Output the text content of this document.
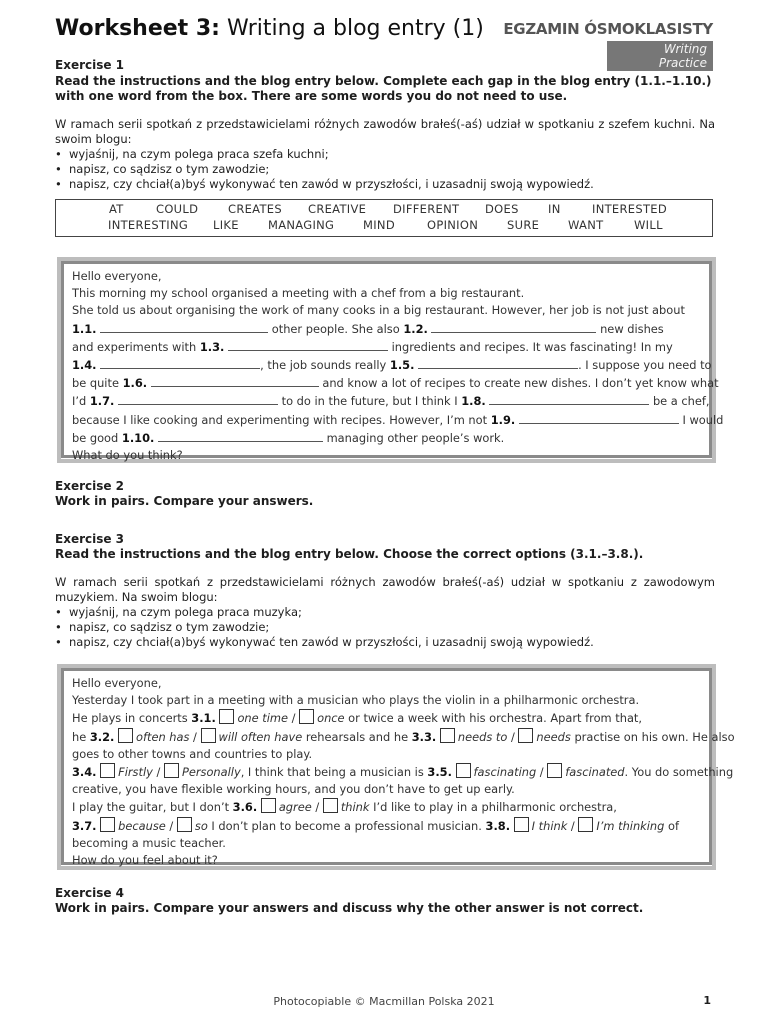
Worksheet 3: Writing a blog entry (1) EGZAMIN ÓSMOKLASISTY
Writing Practice
Exercise 1
Read the instructions and the blog entry below. Complete each gap in the blog entry (1.1.–1.10.) with one word from the box. There are some words you do not need to use.
W ramach serii spotkań z przedstawicielami różnych zawodów brałeś(-aś) udział w spotkaniu z szefem kuchni. Na swoim blogu:
• wyjaśnij, na czym polega praca szefa kuchni;
• napisz, co sądzisz o tym zawodzie;
• napisz, czy chciał(a)byś wykonywać ten zawód w przyszłości, i uzasadnij swoją wypowiedź.
AT	COULD	CREATES CREATIVE DIFFERENT DOES	IN	INTERESTED
INTERESTING LIKE	MANAGING MIND	OPINION	SURE	WANT	WILL
Hello everyone,
This morning my school organised a meeting with a chef from a big restaurant.
She told us about organising the work of many cooks in a big restaurant. However, her job is not just about
1.1.	other people. She also 1.2.	new dishes
and experiments with 1.3.	ingredients and recipes. It was fascinating! In my
1.4.	, the job sounds really 1.5.	. I suppose you need to
be quite 1.6.	and know a lot of recipes to create new dishes. I don’t yet know what
I’d 1.7.	to do in the future, but I think I 1.8.	be a chef,
because I like cooking and experimenting with recipes. However, I’m not 1.9.	I would
be good 1.10.	managing other people’s work.
What do you think?
Exercise 2
Work in pairs. Compare your answers.
Exercise 3
Read the instructions and the blog entry below. Choose the correct options (3.1.–3.8.).
W ramach serii spotkań z przedstawicielami różnych zawodów brałeś(-aś) udział w spotkaniu z zawodowym muzykiem. Na swoim blogu:
• wyjaśnij, na czym polega praca muzyka;
• napisz, co sądzisz o tym zawodzie;
• napisz, czy chciał(a)byś wykonywać ten zawód w przyszłości, i uzasadnij swoją wypowiedź.
Hello everyone,
Yesterday I took part in a meeting with a musician who plays the violin in a philharmonic orchestra.
He plays in concerts 3.1. one time / once or twice a week with his orchestra. Apart from that,
he 3.2. often has / will often have rehearsals and he 3.3. needs to / needs practise on his own. He also
goes to other towns and countries to play.
3.4. Firstly / Personally, I think that being a musician is 3.5. fascinating / fascinated. You do something
creative, you have flexible working hours, and you don’t have to get up early.
I play the guitar, but I don’t 3.6. agree / think I’d like to play in a philharmonic orchestra,
3.7. because / so I don’t plan to become a professional musician. 3.8. I think / I’m thinking of
becoming a music teacher.
How do you feel about it?
Exercise 4
Work in pairs. Compare your answers and discuss why the other answer is not correct.
Photocopiable © Macmillan Polska 2021	1
